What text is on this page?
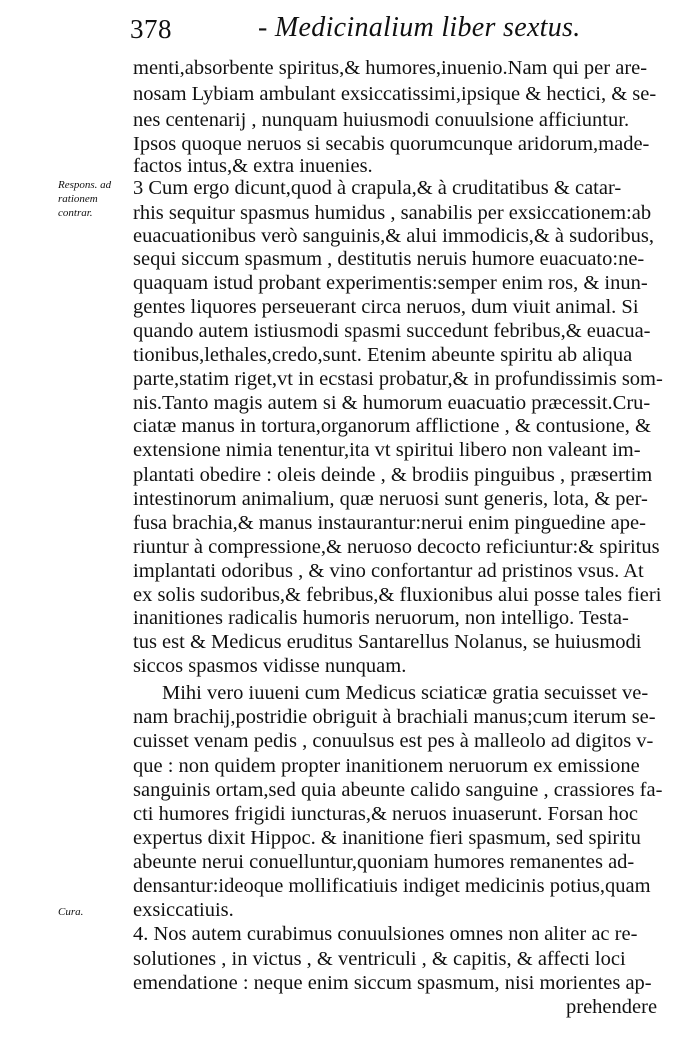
378	- Medicinalium liber sextus.
Respons. ad
rationem
contrar.
Cura.
menti,absorbente spiritus,& humores,inuenio.Nam qui per are-
nosam Lybiam ambulant exsiccatissimi,ipsique & hectici, & se-
nes centenarij , nunquam huiusmodi conuulsione afficiuntur.
Ipsos quoque neruos si secabis quorumcunque aridorum,made-
factos intus,& extra inuenies.
3 Cum ergo dicunt,quod à crapula,& à cruditatibus & catar-
rhis sequitur spasmus humidus , sanabilis per exsiccationem:ab
euacuationibus verò sanguinis,& alui immodicis,& à sudoribus,
sequi siccum spasmum , destitutis neruis humore euacuato:ne-
quaquam istud probant experimentis:semper enim ros, & inun-
gentes liquores perseuerant circa neruos, dum viuit animal. Si
quando autem istiusmodi spasmi succedunt febribus,& euacua-
tionibus,lethales,credo,sunt. Etenim abeunte spiritu ab aliqua
parte,statim riget,vt in ecstasi probatur,& in profundissimis som-
nis.Tanto magis autem si & humorum euacuatio præcessit.Cru-
ciatæ manus in tortura,organorum afflictione , & contusione, &
extensione nimia tenentur,ita vt spiritui libero non valeant im-
plantati obedire : oleis deinde , & brodiis pinguibus , præsertim
intestinorum animalium, quæ neruosi sunt generis, lota, & per-
fusa brachia,& manus instaurantur:nerui enim pinguedine ape-
riuntur à compressione,& neruoso decocto reficiuntur:& spiritus
implantati odoribus , & vino confortantur ad pristinos vsus. At
ex solis sudoribus,& febribus,& fluxionibus alui posse tales fieri
inanitiones radicalis humoris neruorum, non intelligo. Testa-
tus est & Medicus eruditus Santarellus Nolanus, se huiusmodi
siccos spasmos vidisse nunquam.
Mihi vero iuueni cum Medicus sciaticæ gratia secuisset ve-
nam brachij,postridie obriguit à brachiali manus;cum iterum se-
cuisset venam pedis , conuulsus est pes à malleolo ad digitos v-
que : non quidem propter inanitionem neruorum ex emissione
sanguinis ortam,sed quia abeunte calido sanguine , crassiores fa-
cti humores frigidi iuncturas,& neruos inuaserunt. Forsan hoc
expertus dixit Hippoc. & inanitione fieri spasmum, sed spiritu
abeunte nerui conuelluntur,quoniam humores remanentes ad-
densantur:ideoque mollificatiuis indiget medicinis potius,quam
exsiccatiuis.
4. Nos autem curabimus conuulsiones omnes non aliter ac re-
solutiones , in victus , & ventriculi , & capitis, & affecti loci
emendatione : neque enim siccum spasmum, nisi morientes ap-
prehendere
